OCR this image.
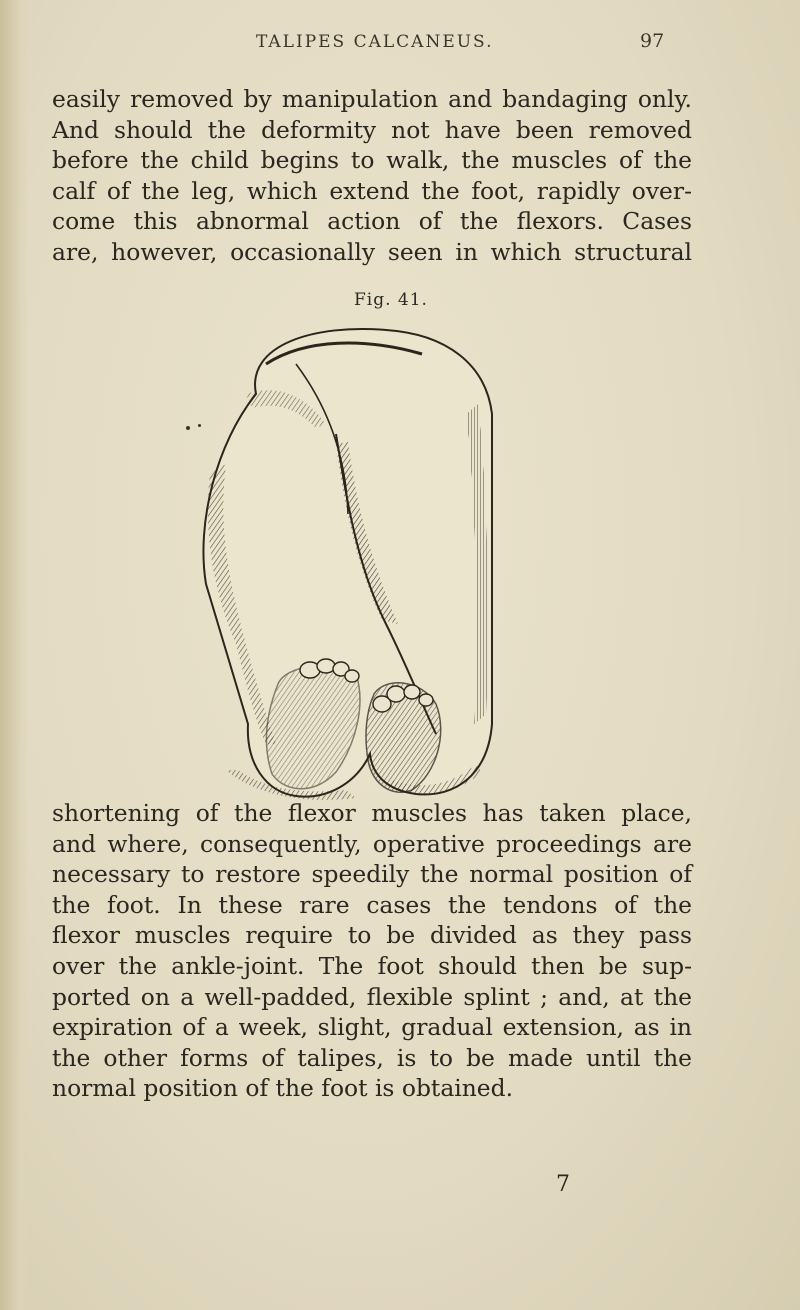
TALIPES CALCANEUS.	97
easily removed by manipulation and bandaging only.
And should the deformity not have been removed
before the child begins to walk, the muscles of the
calf of the leg, which extend the foot, rapidly over-
come this abnormal action of the flexors. Cases
are, however, occasionally seen in which structural
Fig. 41.
shortening of the flexor muscles has taken place,
and where, consequently, operative proceedings are
necessary to restore speedily the normal position of
the foot. In these rare cases the tendons of the
flexor muscles require to be divided as they pass
over the ankle-joint. The foot should then be sup-
ported on a well-padded, flexible splint ; and, at the
expiration of a week, slight, gradual extension, as in
the other forms of talipes, is to be made until the
normal position of the foot is obtained.
7
